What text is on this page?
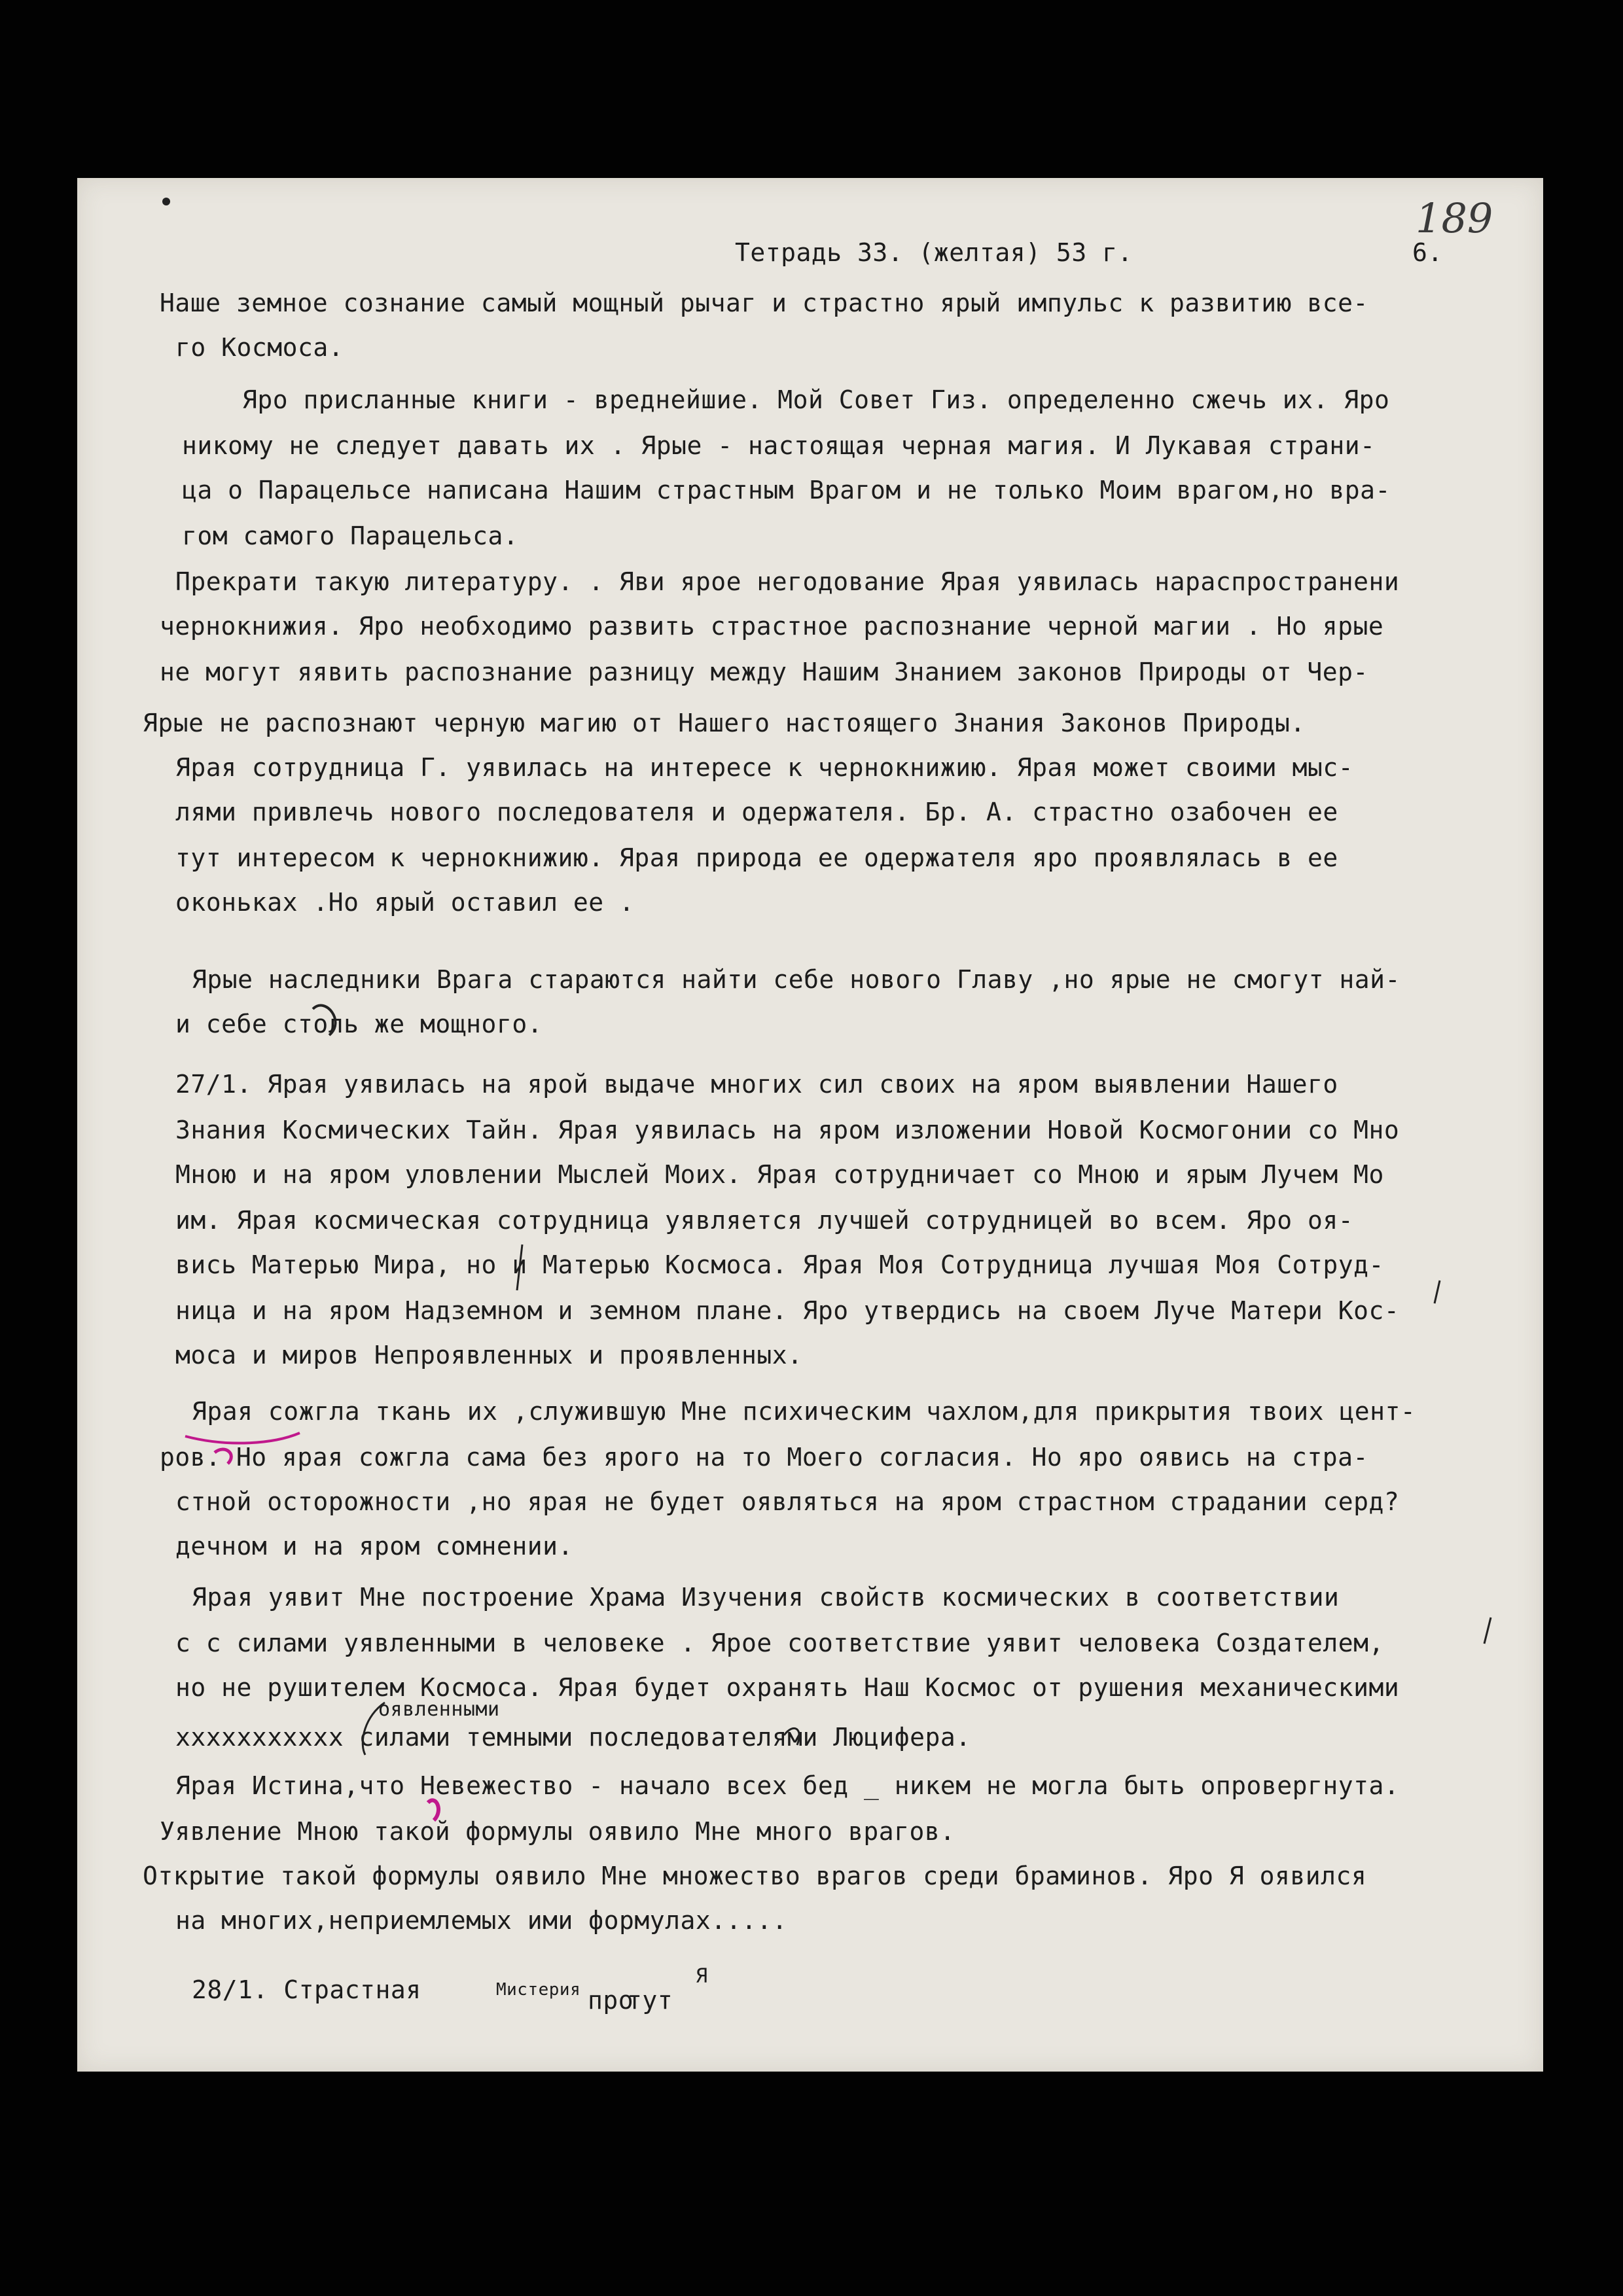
189
Тетрадь 33. (желтая) 53 г.	6.
Наше земное сознание самый мощный рычаг и страстно ярый импульс к развитию все-
го Космоса.
Яро присланные книги - вреднейшие. Мой Совет Гиз. определенно сжечь их. Яро
никому не следует давать их . Ярые - настоящая черная магия. И Лукавая страни-
ца о Парацельсе написана Нашим страстным Врагом и не только Моим врагом,но вра-
гом самого Парацельса.
Прекрати такую литературу. . Яви ярое негодование Ярая уявилась нараспространени
чернокнижия. Яро необходимо развить страстное распознание черной магии . Но ярые
не могут яявить распознание разницу между Нашим Знанием законов Природы от Чер-
Ярые не распознают черную магию от Нашего настоящего Знания Законов Природы.
Ярая сотрудница Г. уявилась на интересе к чернокнижию. Ярая может своими мыс-
лями привлечь нового последователя и одержателя. Бр. А. страстно озабочен ее
тут интересом к чернокнижию. Ярая природа ее одержателя яро проявлялась в ее
оконьках .Но ярый оставил ее .
Ярые наследники Врага стараются найти себе нового Главу ,но ярые не смогут най-
и себе столь же мощного.
27/1. Ярая уявилась на ярой выдаче многих сил своих на яром выявлении Нашего
Знания Космических Тайн. Ярая уявилась на яром изложении Новой Космогонии со Мно
Мною и на яром уловлении Мыслей Моих. Ярая сотрудничает со Мною и ярым Лучем Мо
им. Ярая космическая сотрудница уявляется лучшей сотрудницей во всем. Яро оя-
вись Матерью Мира, но и Матерью Космоса. Ярая Моя Сотрудница лучшая Моя Сотруд-
ница и на яром Надземном и земном плане. Яро утвердись на своем Луче Матери Кос-
моса и миров Непроявленных и проявленных.
Ярая сожгла ткань их ,служившую Мне психическим чахлом,для прикрытия твоих цент-
ров. Но ярая сожгла сама без ярого на то Моего согласия. Но яро оявись на стра-
стной осторожности ,но ярая не будет оявляться на яром страстном страдании серд?
дечном и на яром сомнении.
Ярая уявит Мне построение Храма Изучения свойств космических в соответствии
с с силами уявленными в человеке . Ярое соответствие уявит человека Создателем,
но не рушителем Космоса. Ярая будет охранять Наш Космос от рушения механическими
оявленными
ххххххххххх силами темными последователями Люцифера.
Ярая Истина,что Невежество - начало всех бед _ никем не могла быть опровергнута.
Уявление Мною такой формулы оявило Мне много врагов.
Открытие такой формулы оявило Мне множество врагов среди браминов. Яро Я оявился
на многих,неприемлемых ими формулах.....
28/1. Страстная	Мистерия про
тут
Я
